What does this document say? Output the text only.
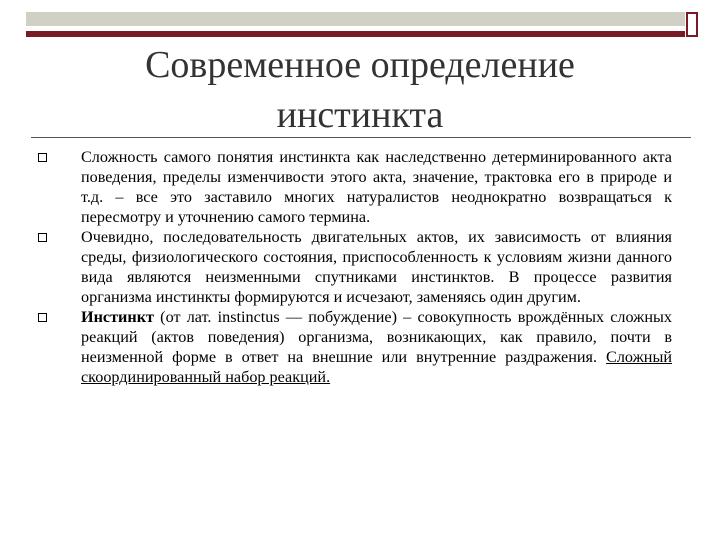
Современное определение
инстинкта
Сложность самого понятия инстинкта как наследственно детерминированного акта поведения, пределы изменчивости этого акта, значение, трактовка его в природе и т.д. – все это заставило многих натуралистов неоднократно возвращаться к пересмотру и уточнению самого термина.
Очевидно, последовательность двигательных актов, их зависимость от влияния среды, физиологического состояния, приспособленность к условиям жизни данного вида являются неизменными спутниками инстинктов. В процессе развития организма инстинкты формируются и исчезают, заменяясь один другим.
Инстинкт (от лат. instinctus — побуждение) – совокупность врождённых сложных реакций (актов поведения) организма, возникающих, как правило, почти в неизменной форме в ответ на внешние или внутренние раздражения. Сложный скоординированный набор реакций.
